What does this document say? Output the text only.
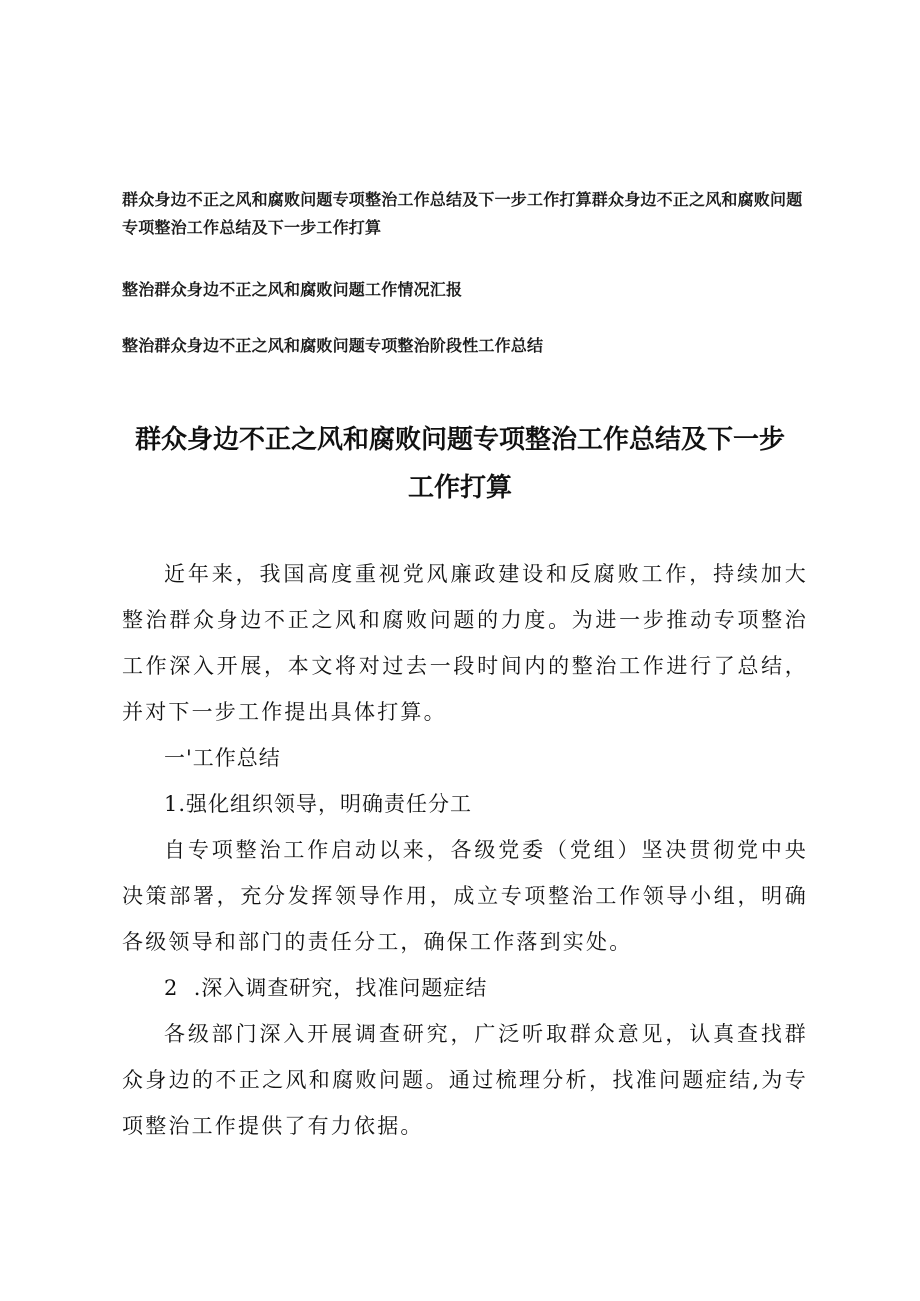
群众身边不正之风和腐败问题专项整治工作总结及下一步工作打算群众身边不正之风和腐败问题专项整治工作总结及下一步工作打算

整治群众身边不正之风和腐败问题工作情况汇报

整治群众身边不正之风和腐败问题专项整治阶段性工作总结

群众身边不正之风和腐败问题专项整治工作总结及下一步工作打算

近年来，我国高度重视党风廉政建设和反腐败工作，持续加大整治群众身边不正之风和腐败问题的力度。为进一步推动专项整治工作深入开展，本文将对过去一段时间内的整治工作进行了总结，并对下一步工作提出具体打算。

一'工作总结

1.强化组织领导，明确责任分工

自专项整治工作启动以来，各级党委（党组）坚决贯彻党中央决策部署，充分发挥领导作用，成立专项整治工作领导小组，明确各级领导和部门的责任分工，确保工作落到实处。

2  .深入调查研究，找准问题症结

各级部门深入开展调查研究，广泛听取群众意见，认真查找群众身边的不正之风和腐败问题。通过梳理分析，找准问题症结,为专项整治工作提供了有力依据。
